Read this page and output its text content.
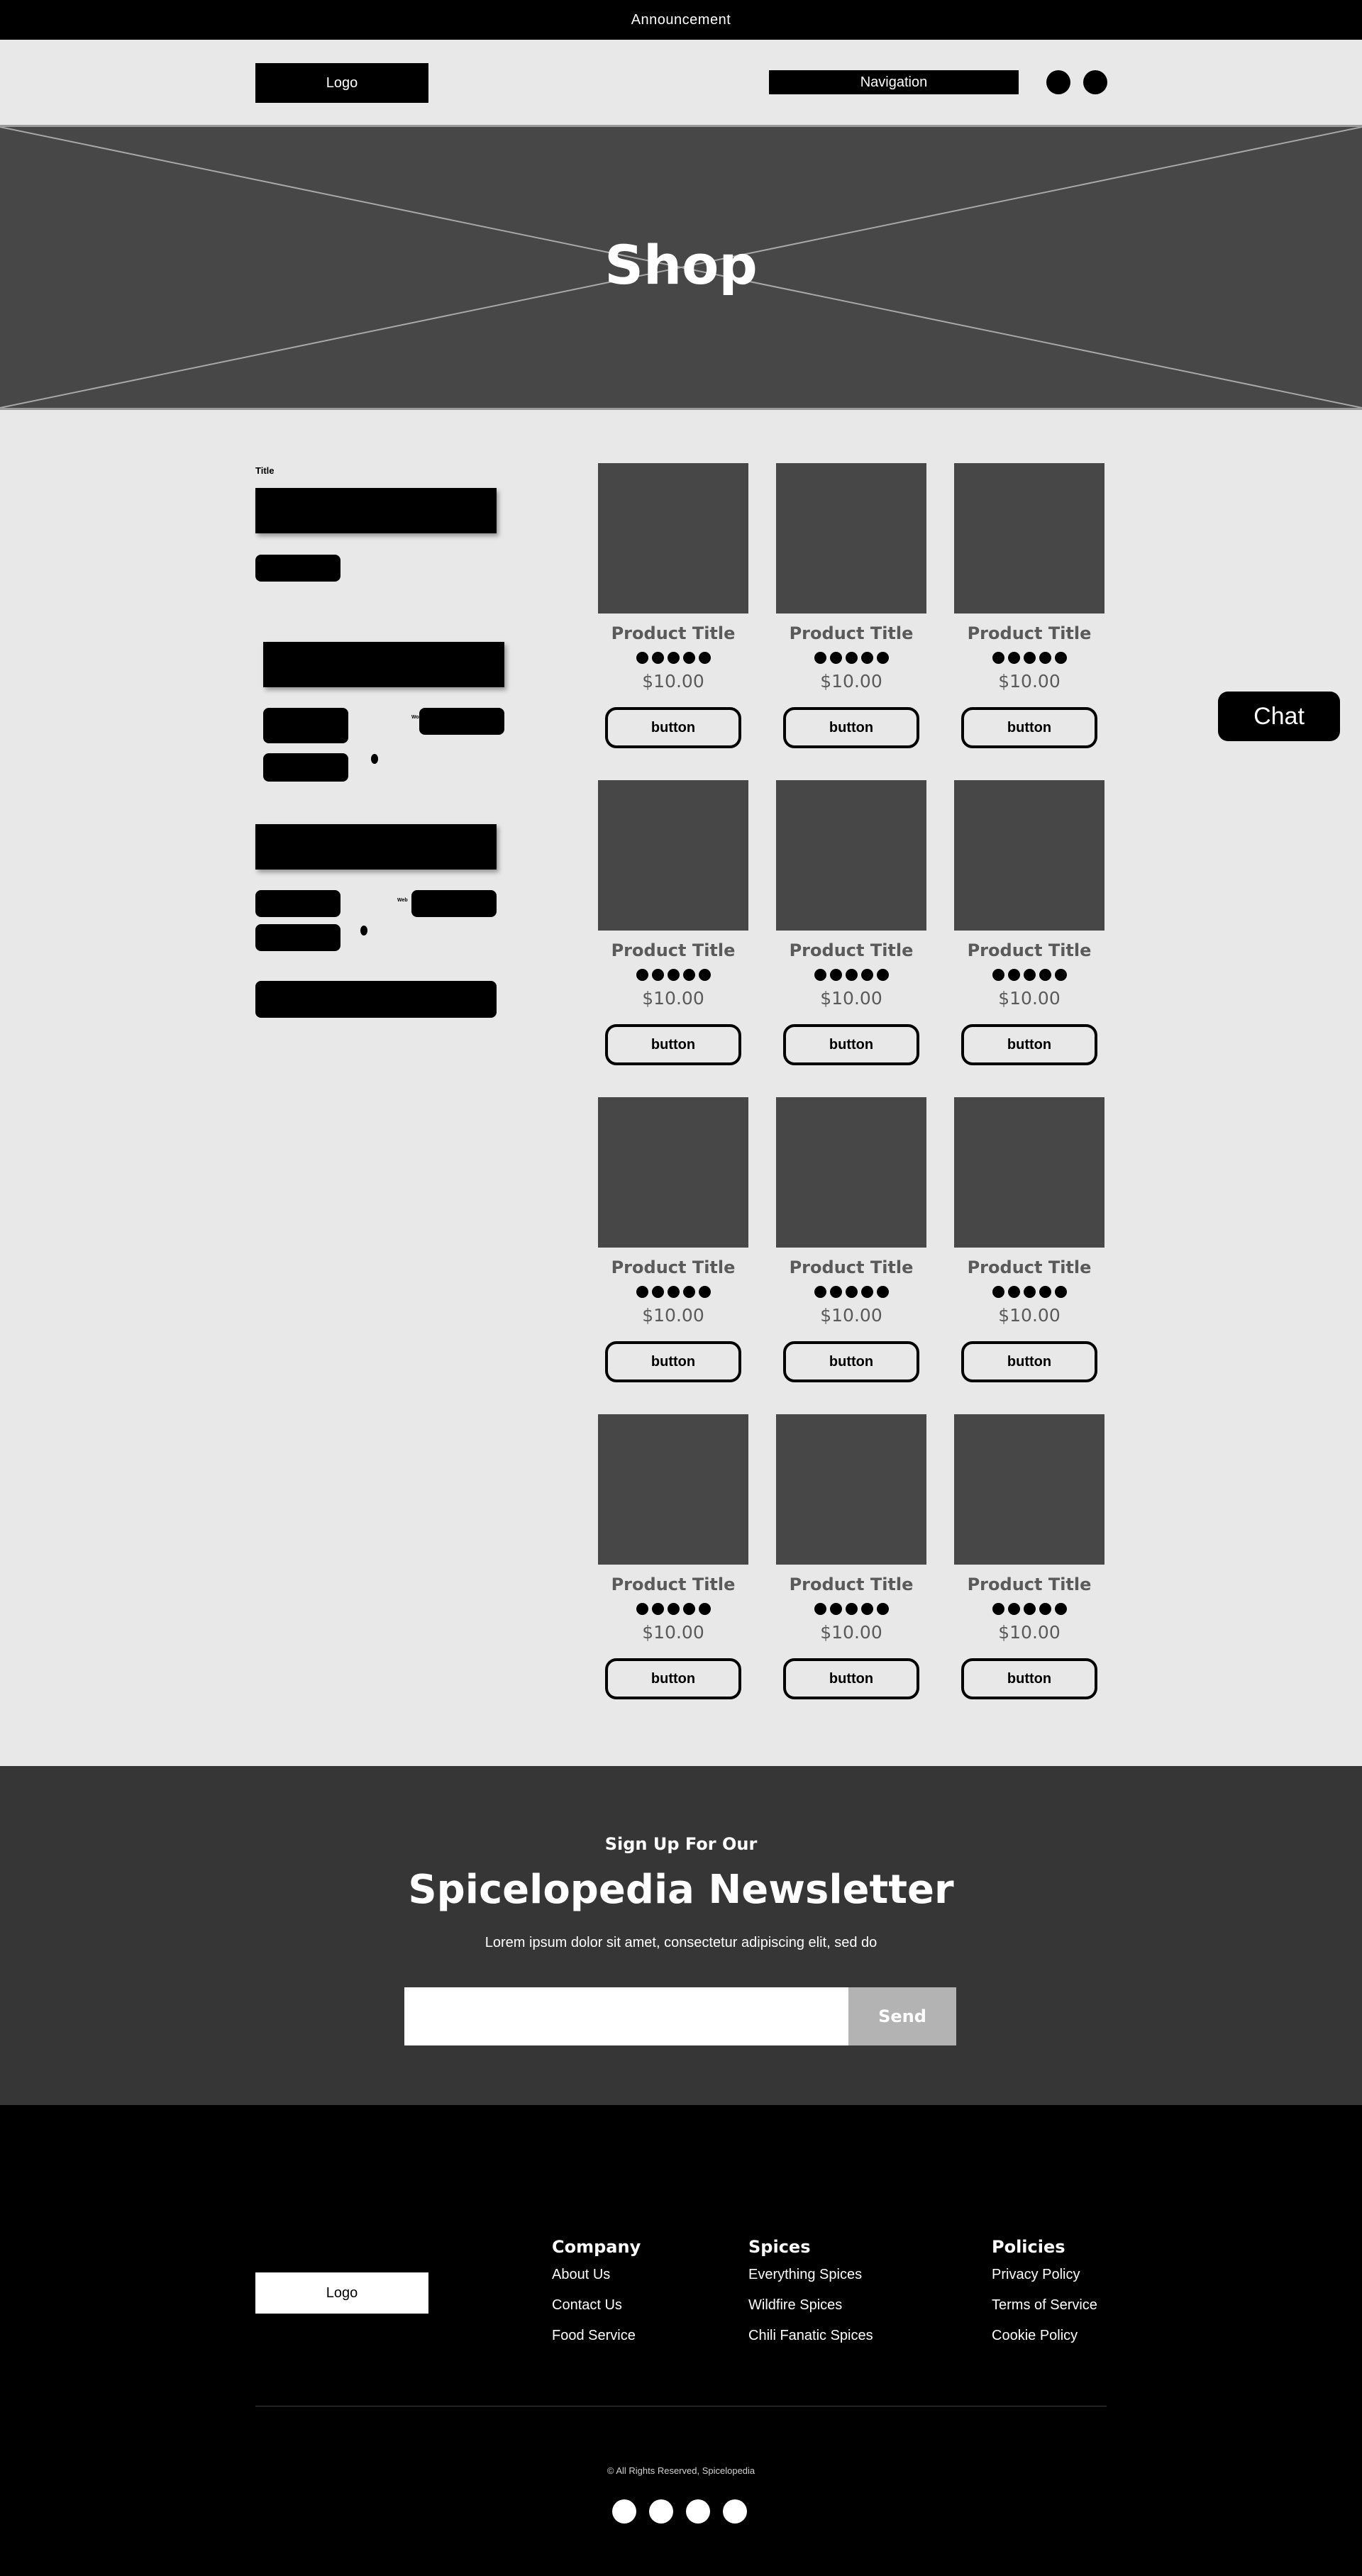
Announcement
Logo	Navigation
Shop
Title
Wo
Web
Product Title
$10.00
button
Product Title
$10.00
button
Product Title
$10.00
button
Product Title
$10.00
button
Product Title
$10.00
button
Product Title
$10.00
button
Product Title
$10.00
button
Product Title
$10.00
button
Product Title
$10.00
button
Product Title
$10.00
button
Product Title
$10.00
button
Product Title
$10.00
button
Chat
Sign Up For Our
Spicelopedia Newsletter
Lorem ipsum dolor sit amet, consectetur adipiscing elit, sed do
Send
Logo
Company
About Us
Contact Us
Food Service
Spices
Everything Spices
Wildfire Spices
Chili Fanatic Spices
Policies
Privacy Policy
Terms of Service
Cookie Policy
© All Rights Reserved, Spicelopedia
